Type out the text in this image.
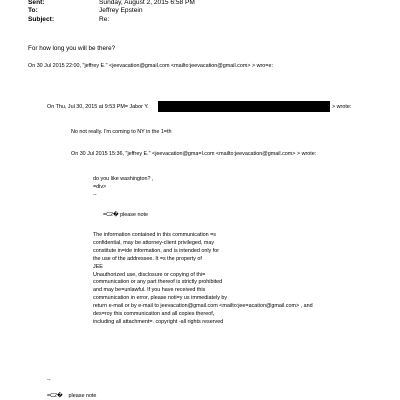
Sent:	Sunday, August 2, 2015 6:58 PM
To:	Jeffrey Epstein
Subject:	Re:
For how long you will be there?
On 30 Jul 2015 22:00, "jeffrey E." <jeevacation@gmail.com <mailto:jeevacation@gmail.com> > wro=e:
On Thu, Jul 30, 2015 at 9:53 PM= Jabor Y.	> wrote:
No not really. I'm coming to NY in the 1=th
On 30 Jul 2015 15:36, "jeffrey E." <jeevacation@gma=l.com <mailto:jeevacation@gmail.com> > wrote:
do you like washington? ,
=div>
--
=C2� please note
The information contained in this communication =s
confidential, may be attorney-client privileged, may
constitute in=ide information, and is intended only for
the use of the addressee. It =s the property of
JEE
Unauthorized use, disclosure or copying of thi=
communication or any part thereof is strictly prohibited
and may be=unlawful. If you have received this
communication in error, please noti=y us immediately by
return e-mail or by e-mail to jeevacation@gmail.com <mailto:jee=acation@gmail.com> , and
des=roy this communication and all copies thereof,
including all attachment=. copyright -all rights reserved
--
=C2�    please note
